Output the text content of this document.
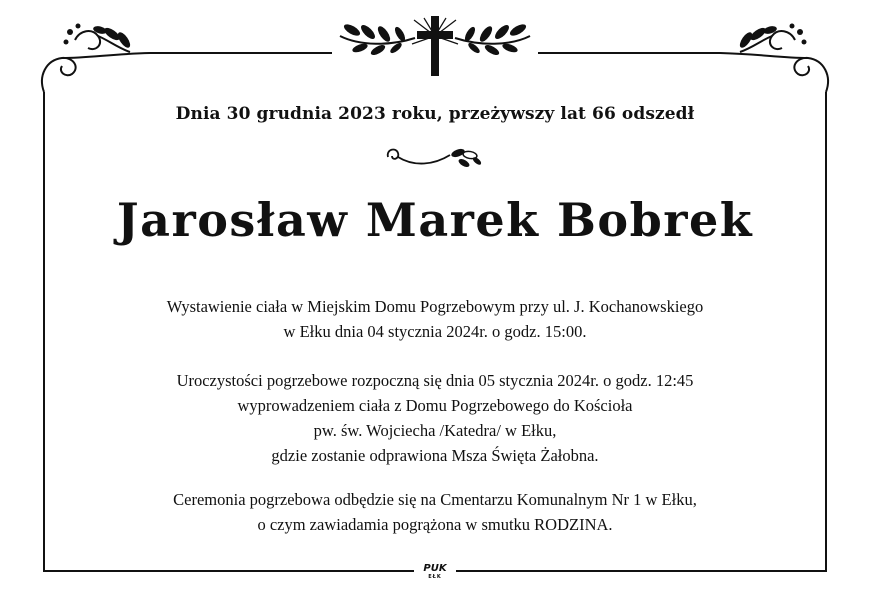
Dnia 30 grudnia 2023 roku, przeżywszy lat 66 odszedł
Jarosław Marek Bobrek
Wystawienie ciała w Miejskim Domu Pogrzebowym przy ul. J. Kochanowskiego
w Ełku dnia 04 stycznia 2024r. o godz. 15:00.
Uroczystości pogrzebowe rozpoczną się dnia 05 stycznia 2024r. o godz. 12:45
wyprowadzeniem ciała z Domu Pogrzebowego do Kościoła
pw. św. Wojciecha /Katedra/ w Ełku,
gdzie zostanie odprawiona Msza Święta Żałobna.
Ceremonia pogrzebowa odbędzie się na Cmentarzu Komunalnym Nr 1 w Ełku,
o czym zawiadamia pogrążona w smutku RODZINA.
PUK
EŁK
